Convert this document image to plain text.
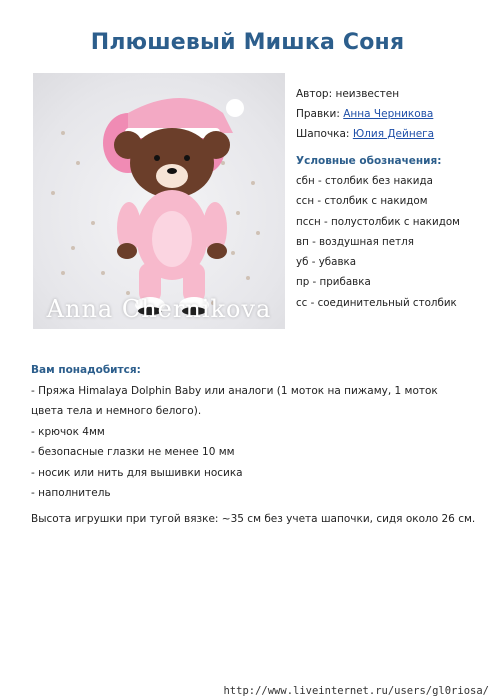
Плюшевый Мишка Соня
Anna Chernikova
Автор: неизвестен
Правки: Анна Черникова
Шапочка: Юлия Дейнега
Условные обозначения:
сбн - столбик без накида
ссн - столбик с накидом
пссн - полустолбик с накидом
вп - воздушная петля
уб - убавка
пр - прибавка
сс - соединительный столбик
Вам понадобится:
- Пряжа Himalaya Dolphin Baby или аналоги (1 моток на пижаму, 1 моток цвета тела и немного белого).
- крючок 4мм
- безопасные глазки не менее 10 мм
- носик или нить для вышивки носика
- наполнитель
Высота игрушки при тугой вязке: ~35 см без учета шапочки, сидя около 26 см.
http://www.liveinternet.ru/users/gl0riosa/
